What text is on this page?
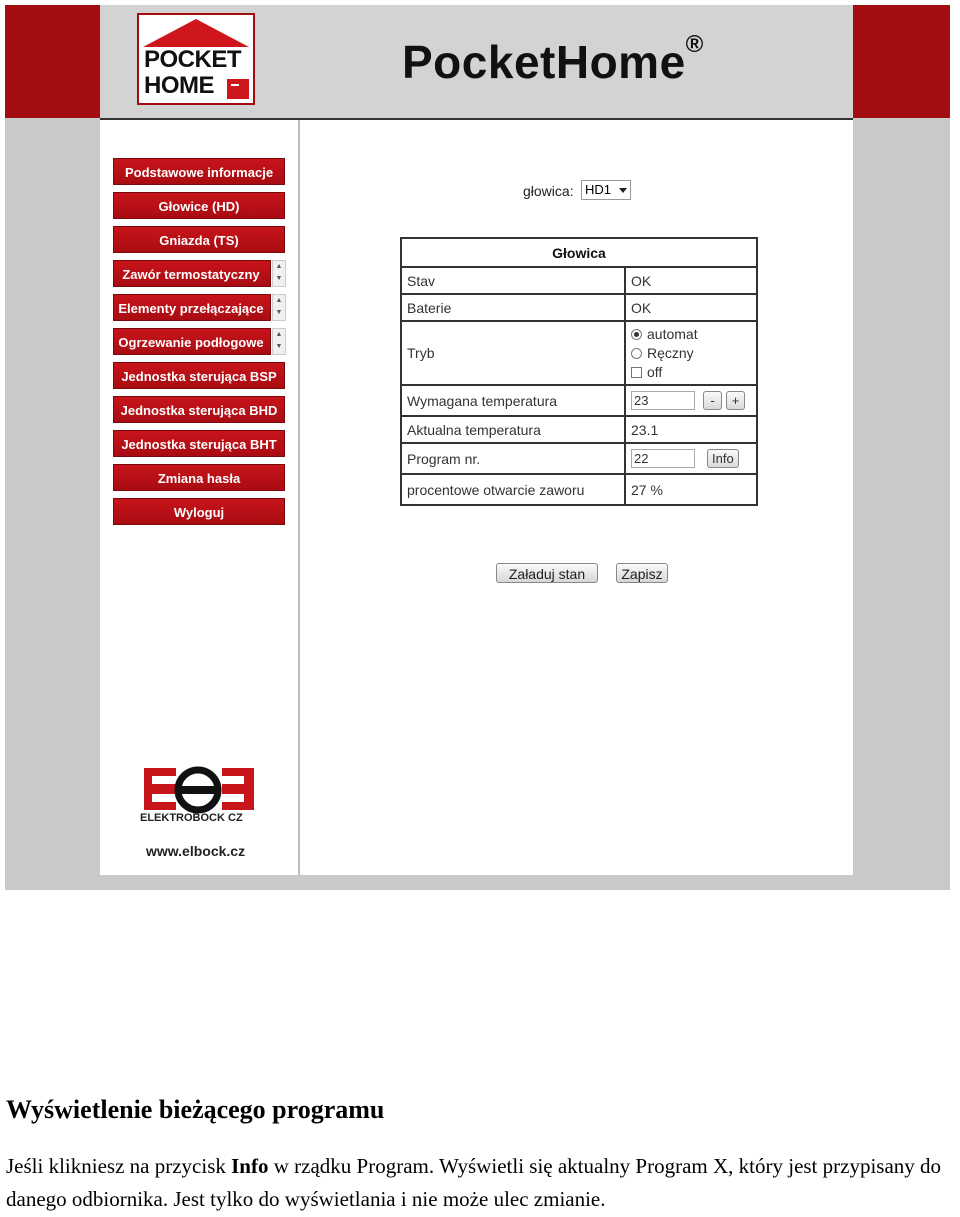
POCKET
HOME	PocketHome®
Podstawowe informacje
Głowice (HD)
Gniazda (TS)
Zawór termostatyczny
▲
▼
Elementy przełączające
▲
▼
Ogrzewanie podłogowe
▲
▼
Jednostka sterująca BSP
Jednostka sterująca BHD
Jednostka sterująca BHT
Zmiana hasła
Wyloguj
ELEKTROBOCK CZ
www.elbock.cz
głowica: HD1
Głowica	
Stav	OK
Baterie	OK
Tryb	automat
Ręczny
off

Wymagana temperatura	23 - +
Aktualna temperatura	23.1
Program nr.	22 Info
procentowe otwarcie zaworu	27 %
Załaduj stan	Zapisz
Wyświetlenie bieżącego programu
Jeśli klikniesz na przycisk Info w rządku Program. Wyświetli się aktualny Program X, który jest przypisany do danego odbiornika. Jest tylko do wyświetlania i nie może ulec zmianie.
